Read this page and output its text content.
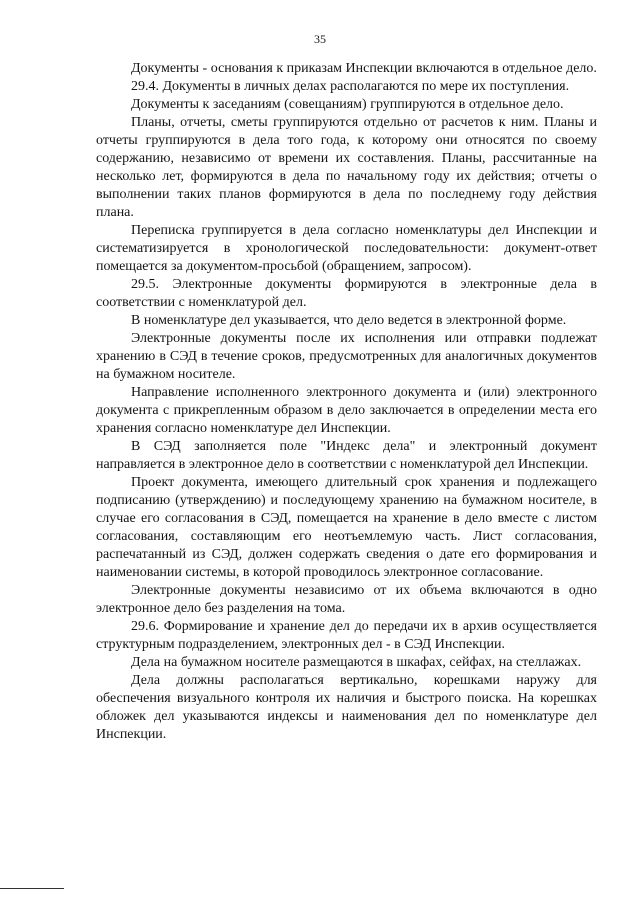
35

Документы - основания к приказам Инспекции включаются в отдельное дело.

29.4. Документы в личных делах располагаются по мере их поступления.

Документы к заседаниям (совещаниям) группируются в отдельное дело.

Планы, отчеты, сметы группируются отдельно от расчетов к ним. Планы и отчеты группируются в дела того года, к которому они относятся по своему содержанию, независимо от времени их составления. Планы, рассчитанные на несколько лет, формируются в дела по начальному году их действия; отчеты о выполнении таких планов формируются в дела по последнему году действия плана.

Переписка группируется в дела согласно номенклатуры дел Инспекции и систематизируется в хронологической последовательности: документ-ответ помещается за документом-просьбой (обращением, запросом).

29.5. Электронные документы формируются в электронные дела в соответствии с номенклатурой дел.

В номенклатуре дел указывается, что дело ведется в электронной форме.

Электронные документы после их исполнения или отправки подлежат хранению в СЭД в течение сроков, предусмотренных для аналогичных документов на бумажном носителе.

Направление исполненного электронного документа и (или) электронного документа с прикрепленным образом в дело заключается в определении места его хранения согласно номенклатуре дел Инспекции.

В СЭД заполняется поле "Индекс дела" и электронный документ направляется в электронное дело в соответствии с номенклатурой дел Инспекции.

Проект документа, имеющего длительный срок хранения и подлежащего подписанию (утверждению) и последующему хранению на бумажном носителе, в случае его согласования в СЭД, помещается на хранение в дело вместе с листом согласования, составляющим его неотъемлемую часть. Лист согласования, распечатанный из СЭД, должен содержать сведения о дате его формирования и наименовании системы, в которой проводилось электронное согласование.

Электронные документы независимо от их объема включаются в одно электронное дело без разделения на тома.

29.6. Формирование и хранение дел до передачи их в архив осуществляется структурным подразделением, электронных дел - в СЭД Инспекции.

Дела на бумажном носителе размещаются в шкафах, сейфах, на стеллажах.

Дела должны располагаться вертикально, корешками наружу для обеспечения визуального контроля их наличия и быстрого поиска. На корешках обложек дел указываются индексы и наименования дел по номенклатуре дел Инспекции.
